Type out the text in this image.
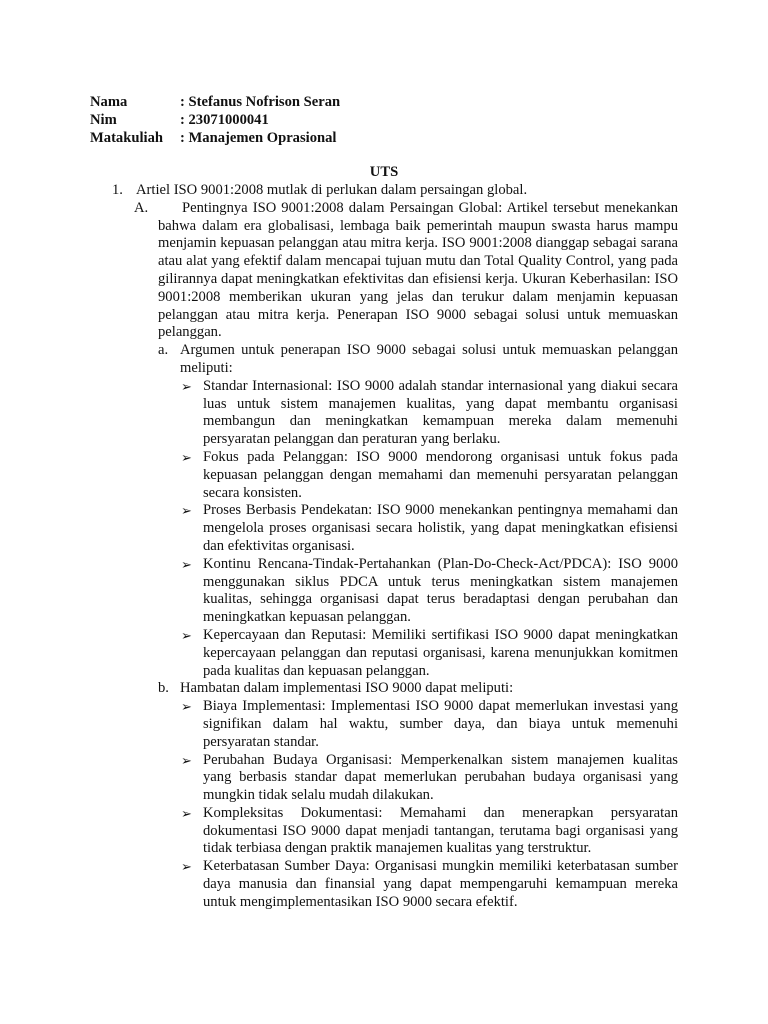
Nama	: Stefanus Nofrison Seran
Nim	: 23071000041
Matakuliah	: Manajemen Oprasional
UTS
1. Artiel ISO 9001:2008 mutlak di perlukan dalam persaingan global.
A. Pentingnya ISO 9001:2008 dalam Persaingan Global: Artikel tersebut menekankan bahwa dalam era globalisasi, lembaga baik pemerintah maupun swasta harus mampu menjamin kepuasan pelanggan atau mitra kerja. ISO 9001:2008 dianggap sebagai sarana atau alat yang efektif dalam mencapai tujuan mutu dan Total Quality Control, yang pada gilirannya dapat meningkatkan efektivitas dan efisiensi kerja. Ukuran Keberhasilan: ISO 9001:2008 memberikan ukuran yang jelas dan terukur dalam menjamin kepuasan pelanggan atau mitra kerja. Penerapan ISO 9000 sebagai solusi untuk memuaskan pelanggan.
a. Argumen untuk penerapan ISO 9000 sebagai solusi untuk memuaskan pelanggan meliputi:
➢ Standar Internasional: ISO 9000 adalah standar internasional yang diakui secara luas untuk sistem manajemen kualitas, yang dapat membantu organisasi membangun dan meningkatkan kemampuan mereka dalam memenuhi persyaratan pelanggan dan peraturan yang berlaku.
➢ Fokus pada Pelanggan: ISO 9000 mendorong organisasi untuk fokus pada kepuasan pelanggan dengan memahami dan memenuhi persyaratan pelanggan secara konsisten.
➢ Proses Berbasis Pendekatan: ISO 9000 menekankan pentingnya memahami dan mengelola proses organisasi secara holistik, yang dapat meningkatkan efisiensi dan efektivitas organisasi.
➢ Kontinu Rencana-Tindak-Pertahankan (Plan-Do-Check-Act/PDCA): ISO 9000 menggunakan siklus PDCA untuk terus meningkatkan sistem manajemen kualitas, sehingga organisasi dapat terus beradaptasi dengan perubahan dan meningkatkan kepuasan pelanggan.
➢ Kepercayaan dan Reputasi: Memiliki sertifikasi ISO 9000 dapat meningkatkan kepercayaan pelanggan dan reputasi organisasi, karena menunjukkan komitmen pada kualitas dan kepuasan pelanggan.
b. Hambatan dalam implementasi ISO 9000 dapat meliputi:
➢ Biaya Implementasi: Implementasi ISO 9000 dapat memerlukan investasi yang signifikan dalam hal waktu, sumber daya, dan biaya untuk memenuhi persyaratan standar.
➢ Perubahan Budaya Organisasi: Memperkenalkan sistem manajemen kualitas yang berbasis standar dapat memerlukan perubahan budaya organisasi yang mungkin tidak selalu mudah dilakukan.
➢ Kompleksitas Dokumentasi: Memahami dan menerapkan persyaratan dokumentasi ISO 9000 dapat menjadi tantangan, terutama bagi organisasi yang tidak terbiasa dengan praktik manajemen kualitas yang terstruktur.
➢ Keterbatasan Sumber Daya: Organisasi mungkin memiliki keterbatasan sumber daya manusia dan finansial yang dapat mempengaruhi kemampuan mereka untuk mengimplementasikan ISO 9000 secara efektif.
